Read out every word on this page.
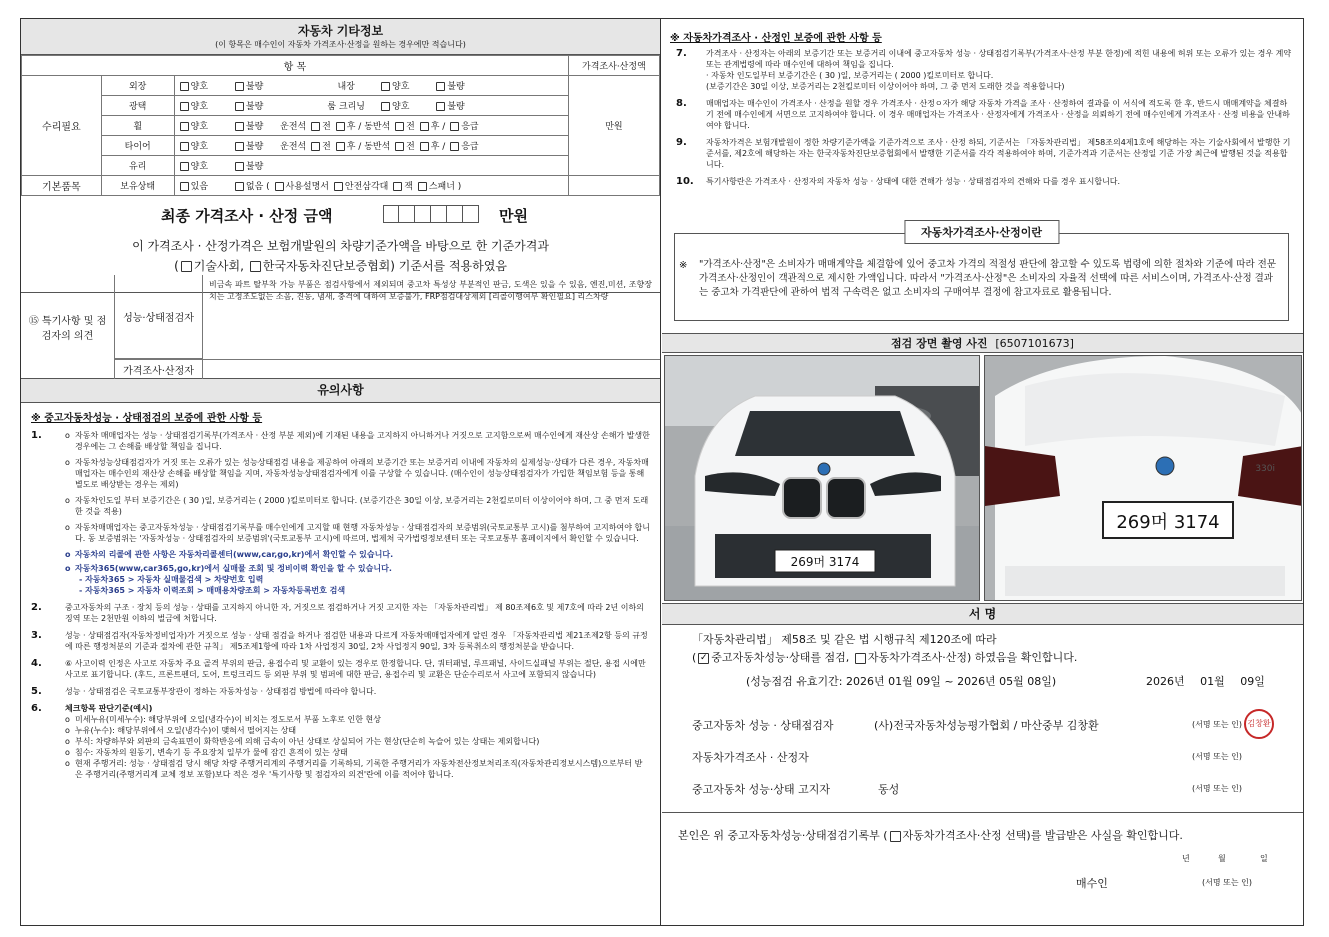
자동차 기타정보
(이 항목은 매수인이 자동차 가격조사·산정을 원하는 경우에만 적습니다)
항 목			가격조사·산정액
수리필요	외장	양호 불량 내장 양호 불량	만원
	광택	양호 불량 룸 크리닝 양호 불량	
	휠	양호 불량 운전석 전 후 / 동반석 전 후 / 응급	
	타이어	양호 불량 운전석 전 후 / 동반석 전 후 / 응급	
	유리	양호 불량	
기본품목	보유상태	있음 없음 ( 사용설명서 안전삼각대 잭 스패너 )	
최종 가격조사 · 산정 금액	만원
이 가격조사 · 산정가격은 보험개발원의 차량기준가액을 바탕으로 한 기준가격과
( 기술사회, 한국자동차진단보증협회) 기준서를 적용하였음
⑮ 특기사항 및 점검자의 의견
성능·상태점검자
비금속 파트 탈부착 가능 부품은 점검사항에서 제외되며 중고차 특성상 부분적인 판금, 도색은 있을 수 있음, 엔진,미션, 조향장치는 고정조도없는 소음, 진동, 냄새, 충격에 대하여 보증불가, FRP점검대상제외 [리콜이행여부 확인필요] 리스차량
가격조사·산정자
유의사항
※ 중고자동차성능 · 상태점검의 보증에 관한 사항 등
1.	o 자동차 매매업자는 성능 · 상태점검기록부(가격조사 · 산정 부분 제외)에 기재된 내용을 고지하지 아니하거나 거짓으로 고지함으로써 매수인에게 재산상 손해가 발생한 경우에는 그 손해를 배상할 책임을 집니다.
o 자동차성능상태점검자가 거짓 또는 오류가 있는 성능상태점검 내용을 제공하여 아래의 보증기간 또는 보증거리 이내에 자동차의 실제성능·상태가 다른 경우, 자동차매매업자는 매수인의 재산상 손해를 배상할 책임을 지며, 자동차성능상태점검자에게 이를 구상할 수 있습니다. (매수인이 성능상태점검자가 가입한 책임보험 등을 통해 별도로 배상받는 경우는 제외)
o 자동차인도일 부터 보증기간은 ( 30 )일, 보증거리는 ( 2000 )킬로미터로 합니다. (보증기간은 30일 이상, 보증거리는 2천킬로미터 이상이어야 하며, 그 중 먼저 도래한 것을 적용)
o 자동차매매업자는 중고자동차성능 · 상태점검기록부를 매수인에게 고지할 때 현행 자동차성능 · 상태점검자의 보증범위(국토교통부 고시)를 첨부하여 고지하여야 합니다. 동 보증범위는 '자동차성능 · 상태점검자의 보증범위'(국토교통부 고시)에 따르며, 법제처 국가법령정보센터 또는 국토교통부 홈페이지에서 확인할 수 있습니다.
o 자동차의 리콜에 관한 사항은 자동차리콜센터(www,car,go,kr)에서 확인할 수 있습니다.
o 자동차365(www,car365,go,kr)에서 실매물 조회 및 정비이력 확인을 할 수 있습니다.
- 자동차365 > 자동차 실매물검색 > 차량번호 입력
- 자동차365 > 자동차 이력조회 > 매매용차량조회 > 자동차등록번호 검색
2.	중고자동차의 구조 · 장치 등의 성능 · 상태를 고지하지 아니한 자, 거짓으로 점검하거나 거짓 고지한 자는 「자동차관리법」 제 80조제6호 및 제7호에 따라 2년 이하의 징역 또는 2천만원 이하의 벌금에 처합니다.
3.	성능 · 상태점검자(자동차정비업자)가 거짓으로 성능 · 상태 점검을 하거나 점검한 내용과 다르게 자동차매매업자에게 알린 경우 「자동차관리법 제21조제2항 등의 규정에 따른 행정처분의 기준과 절차에 관한 규칙」 제5조제1항에 따라 1차 사업정지 30일, 2차 사업정지 90일, 3차 등록취소의 행정처분을 받습니다.
4.	⑥ 사고이력 인정은 사고로 자동차 주요 골격 부위의 판금, 용접수리 및 교환이 있는 경우로 한정합니다. 단, 쿼터패널, 루프패널, 사이드실패널 부위는 절단, 용접 시에만 사고로 표기합니다. (후드, 프론트펜더, 도어, 트렁크리드 등 외판 부위 및 범퍼에 대한 판금, 용접수리 및 교환은 단순수리로서 사고에 포함되지 않습니다)
5.	성능 · 상태점검은 국토교통부장관이 정하는 자동차성능 · 상태점검 방법에 따라야 합니다.
6.	체크항목 판단기준(예시)
o 미세누유(미세누수): 해당부위에 오일(냉각수)이 비치는 정도로서 부품 노후로 인한 현상
o 누유(누수): 해당부위에서 오일(냉각수)이 맺혀서 떨어지는 상태
o 부식: 차량하부와 외판의 금속표면이 화학반응에 의해 금속이 아닌 상태로 상실되어 가는 현상(단순히 녹슬어 있는 상태는 제외합니다)
o 침수: 자동차의 원동기, 변속기 등 주요장치 일부가 물에 잠긴 흔적이 있는 상태
o 현재 주행거리: 성능 · 상태점검 당시 해당 차량 주행거리계의 주행거리를 기록하되, 기록한 주행거리가 자동차전산정보처리조직(자동차관리정보시스템)으로부터 받은 주행거리(주행거리계 교체 정보 포함)보다 적은 경우 '특기사항 및 점검자의 의견'란에 이를 적어야 합니다.
※ 자동차가격조사 · 산정인 보증에 관한 사항 등
7. 가격조사 · 산정자는 아래의 보증기간 또는 보증거리 이내에 중고자동차 성능 · 상태점검기록부(가격조사·산정 부분 한정)에 적힌 내용에 허위 또는 오류가 있는 경우 계약 또는 관계법령에 따라 매수인에 대하여 책임을 집니다.
· 자동차 인도일부터 보증기간은 ( 30 )일, 보증거리는 ( 2000 )킬로미터로 합니다.
(보증기간은 30일 이상, 보증거리는 2천킬로미터 이상이어야 하며, 그 중 먼저 도래한 것을 적용합니다)
8. 매매업자는 매수인이 가격조사 · 산정을 원할 경우 가격조사 · 산정ㅇ자가 해당 자동차 가격을 조사 · 산정하여 결과를 이 서식에 적도록 한 후, 반드시 매매계약을 체결하기 전에 매수인에게 서면으로 고지하여야 합니다. 이 경우 매매업자는 가격조사 · 산정자에게 가격조사 · 산정을 의뢰하기 전에 매수인에게 가격조사 · 산정 비용을 안내하여야 합니다.
9. 자동차가격은 보험개발원이 정한 차량기준가액을 기준가격으로 조사 · 산정 하되, 기준서는 「자동차관리법」 제58조의4제1호에 해당하는 자는 기술사회에서 발행한 기준서를, 제2호에 해당하는 자는 한국자동차진단보증협회에서 발행한 기준서를 각각 적용하여야 하며, 기준가격과 기준서는 산정일 기준 가장 최근에 발행된 것을 적용합니다.
10. 특기사항란은 가격조사 · 산정자의 자동차 성능 · 상태에 대한 견해가 성능 · 상태점검자의 견해와 다를 경우 표시합니다.
자동차가격조사·산정이란
※ "가격조사·산정"은 소비자가 매매계약을 체결함에 있어 중고차 가격의 적절성 판단에 참고할 수 있도록 법령에 의한 절차와 기준에 따라 전문 가격조사·산정인이 객관적으로 제시한 가액입니다. 따라서 "가격조사·산정"은 소비자의 자율적 선택에 따른 서비스이며, 가격조사·산정 결과는 중고차 가격판단에 관하여 법적 구속력은 없고 소비자의 구매여부 결정에 참고자료로 활용됩니다.
점검 장면 촬영 사진 [6507101673]
269머 3174
330i
269머 3174
서 명
「자동차관리법」 제58조 및 같은 법 시행규칙 제120조에 따라
( ✓ 중고자동차성능·상태를 점검, 자동차가격조사·산정) 하였음을 확인합니다.
(성능점검 유효기간: 2026년 01월 09일 ~ 2026년 05월 08일)	2026년 01월 09일
중고자동차 성능 · 상태점검자	(사)전국자동차성능평가협회 / 마산중부 김창환	(서명 또는 인) 김창환
자동차가격조사 · 산정자	(서명 또는 인)
중고자동차 성능·상태 고지자	동성	(서명 또는 인)
본인은 위 중고자동차성능·상태점검기록부 ( 자동차가격조사·산정 선택)를 발급받은 사실을 확인합니다.
년	월	일
매수인	(서명 또는 인)
